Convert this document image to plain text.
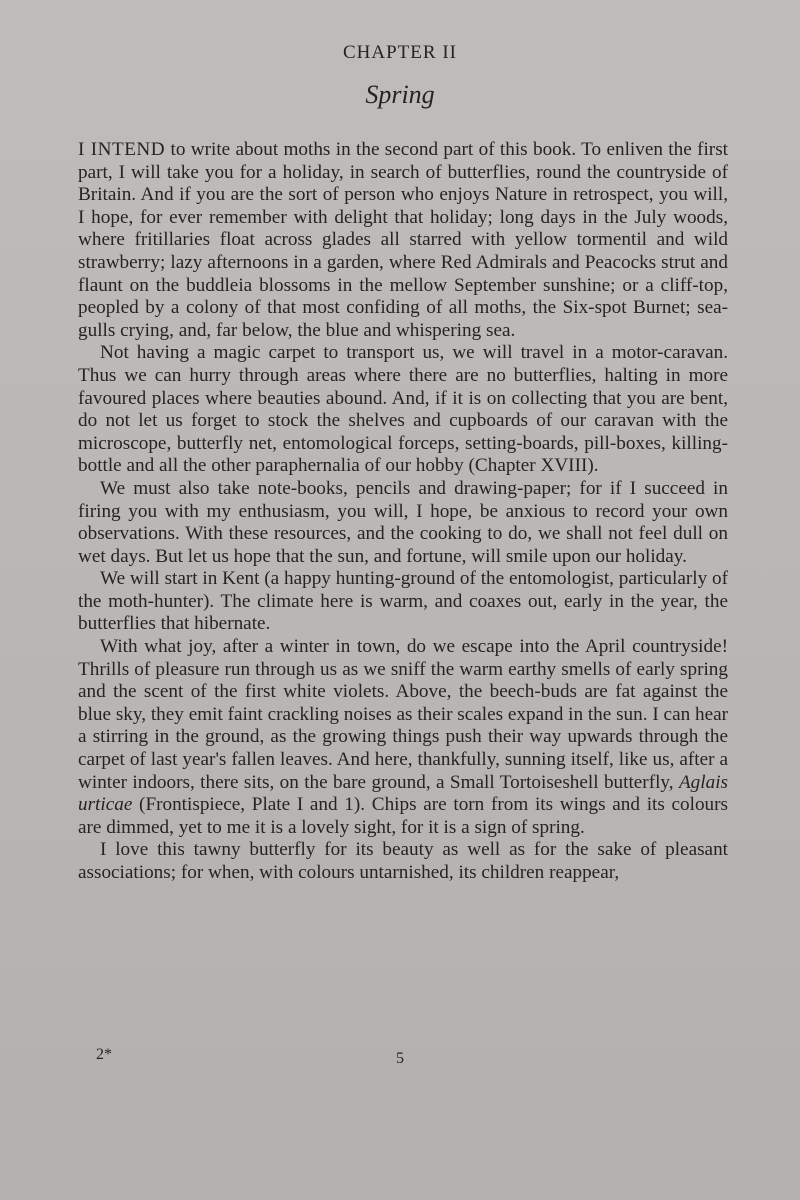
CHAPTER II
Spring

I INTEND to write about moths in the second part of this book. To enliven the first part, I will take you for a holiday, in search of butterflies, round the countryside of Britain. And if you are the sort of person who enjoys Nature in retrospect, you will, I hope, for ever remember with delight that holiday; long days in the July woods, where fritillaries float across glades all starred with yellow tormentil and wild strawberry; lazy afternoons in a garden, where Red Admirals and Peacocks strut and flaunt on the buddleia blossoms in the mellow September sunshine; or a cliff-top, peopled by a colony of that most confiding of all moths, the Six-spot Burnet; sea-gulls crying, and, far below, the blue and whispering sea.

Not having a magic carpet to transport us, we will travel in a motor-caravan. Thus we can hurry through areas where there are no butterflies, halting in more favoured places where beauties abound. And, if it is on collecting that you are bent, do not let us forget to stock the shelves and cupboards of our caravan with the microscope, butterfly net, entomological forceps, setting-boards, pill-boxes, killing-bottle and all the other paraphernalia of our hobby (Chapter XVIII).

We must also take note-books, pencils and drawing-paper; for if I succeed in firing you with my enthusiasm, you will, I hope, be anxious to record your own observations. With these resources, and the cooking to do, we shall not feel dull on wet days. But let us hope that the sun, and fortune, will smile upon our holiday.

We will start in Kent (a happy hunting-ground of the entomologist, particularly of the moth-hunter). The climate here is warm, and coaxes out, early in the year, the butterflies that hibernate.

With what joy, after a winter in town, do we escape into the April countryside! Thrills of pleasure run through us as we sniff the warm earthy smells of early spring and the scent of the first white violets. Above, the beech-buds are fat against the blue sky, they emit faint crackling noises as their scales expand in the sun. I can hear a stirring in the ground, as the growing things push their way upwards through the carpet of last year's fallen leaves. And here, thankfully, sunning itself, like us, after a winter indoors, there sits, on the bare ground, a Small Tortoiseshell butterfly, Aglais urticae (Frontispiece, Plate I and 1). Chips are torn from its wings and its colours are dimmed, yet to me it is a lovely sight, for it is a sign of spring.

I love this tawny butterfly for its beauty as well as for the sake of pleasant associations; for when, with colours untarnished, its children reappear,

2*	5
